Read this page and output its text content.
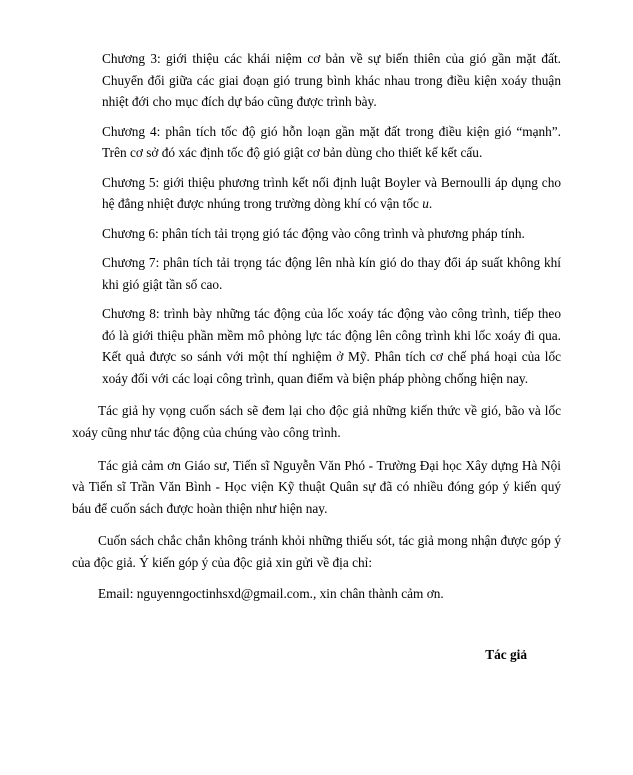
Chương 3: giới thiệu các khái niệm cơ bản về sự biến thiên của gió gần mặt đất. Chuyển đổi giữa các giai đoạn gió trung bình khác nhau trong điều kiện xoáy thuận nhiệt đới cho mục đích dự báo cũng được trình bày.

Chương 4: phân tích tốc độ gió hỗn loạn gần mặt đất trong điều kiện gió “mạnh”. Trên cơ sở đó xác định tốc độ gió giật cơ bản dùng cho thiết kế kết cấu.

Chương 5: giới thiệu phương trình kết nối định luật Boyler và Bernoulli áp dụng cho hệ đẳng nhiệt được nhúng trong trường dòng khí có vận tốc u.

Chương 6: phân tích tải trọng gió tác động vào công trình và phương pháp tính.

Chương 7: phân tích tải trọng tác động lên nhà kín gió do thay đổi áp suất không khí khi gió giật tần số cao.

Chương 8: trình bày những tác động của lốc xoáy tác động vào công trình, tiếp theo đó là giới thiệu phần mềm mô phỏng lực tác động lên công trình khi lốc xoáy đi qua. Kết quả được so sánh với một thí nghiệm ở Mỹ. Phân tích cơ chế phá hoại của lốc xoáy đối với các loại công trình, quan điểm và biện pháp phòng chống hiện nay.

Tác giả hy vọng cuốn sách sẽ đem lại cho độc giả những kiến thức về gió, bão và lốc xoáy cũng như tác động của chúng vào công trình.

Tác giả cảm ơn Giáo sư, Tiến sĩ Nguyễn Văn Phó - Trường Đại học Xây dựng Hà Nội và Tiến sĩ Trần Văn Bình - Học viện Kỹ thuật Quân sự đã có nhiều đóng góp ý kiến quý báu để cuốn sách được hoàn thiện như hiện nay.

Cuốn sách chắc chắn không tránh khỏi những thiếu sót, tác giả mong nhận được góp ý của độc giả. Ý kiến góp ý của độc giả xin gửi về địa chỉ:

Email: nguyenngoctinhsxd@gmail.com., xin chân thành cảm ơn.

Tác giả
